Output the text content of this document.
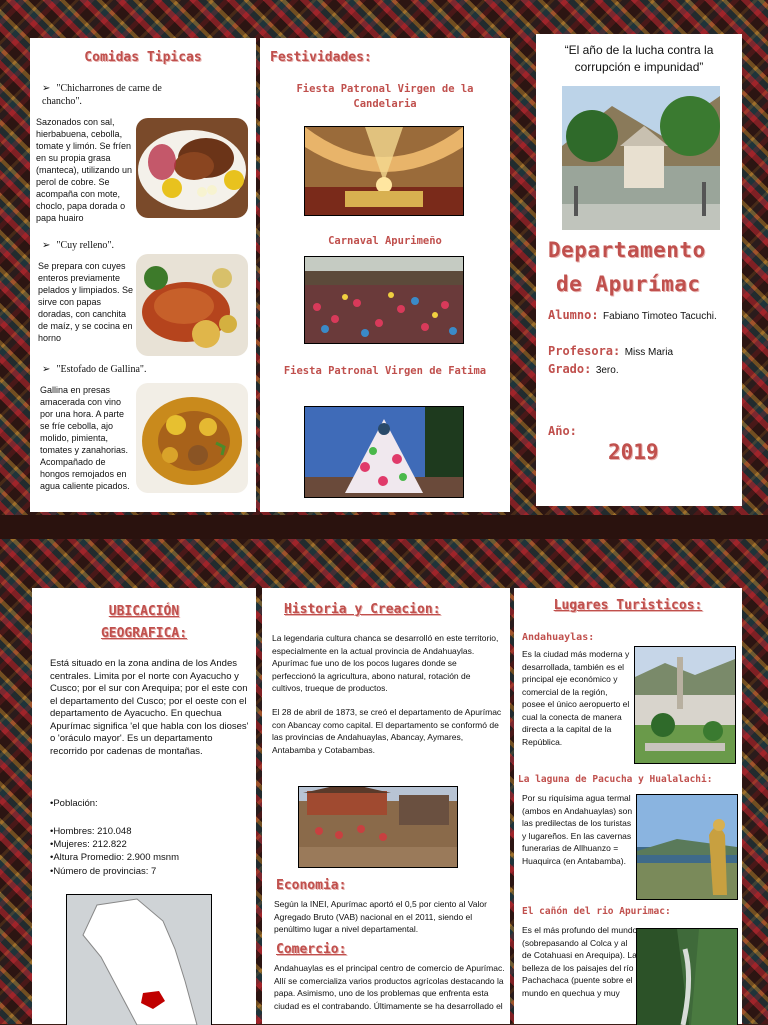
Comidas Tipicas
➢ "Chicharrones de carne de chancho".
Sazonados con sal, hierbabuena, cebolla, tomate y limón. Se fríen en su propia grasa (manteca), utilizando un perol de cobre. Se acompaña con mote, choclo, papa dorada o papa huairo
➢ "Cuy relleno".
Se prepara con cuyes enteros previamente pelados y limpiados. Se sirve con papas doradas, con canchita de maíz, y se cocina en horno
➢ "Estofado de Gallina".
Gallina en presas amacerada con vino por una hora. A parte se fríe cebolla, ajo molido, pimienta, tomates y zanahorias. Acompañado de hongos remojados en agua caliente picados.
Festividades:
Fiesta Patronal Virgen de la Candelaria
Carnaval Apurimeño
Fiesta Patronal Virgen de Fatima
“El año de la lucha contra la corrupción e impunidad”
Departamento
de Apurímac
Alumno: Fabiano Timoteo Tacuchi.
Profesora: Miss Maria
Grado: 3ero.
Año:
2019
UBICACIÓN
GEOGRAFICA:
Está situado en la zona andina de los Andes centrales. Limita por el norte con Ayacucho y Cusco; por el sur con Arequipa; por el este con el departamento del Cusco; por el oeste con el departamento de Ayacucho. En quechua Apurímac significa 'el que habla con los dioses' o 'oráculo mayor'. Es un departamento recorrido por cadenas de montañas.
•Población:
•Hombres: 210.048
•Mujeres: 212.822
•Altura Promedio: 2.900 msnm
•Número de provincias: 7
Historia y Creacion:
La legendaria cultura chanca se desarrolló en este territorio, especialmente en la actual provincia de Andahuaylas. Apurímac fue uno de los pocos lugares donde se perfeccionó la agricultura, abono natural, rotación de cultivos, trueque de productos.
El 28 de abril de 1873, se creó el departamento de Apurímac con Abancay como capital. El departamento se conformó de las provincias de Andahuaylas, Abancay, Aymares, Antabamba y Cotabambas.
Economia:
Según la INEI, Apurímac aportó el 0,5 por ciento al Valor Agregado Bruto (VAB) nacional en el 2011, siendo el penúltimo lugar a nivel departamental.
Comercio:
Andahuaylas es el principal centro de comercio de Apurímac. Allí se comercializa varios productos agrícolas destacando la papa. Asimismo, uno de los problemas que enfrenta esta ciudad es el contrabando. Últimamente se ha desarrollado el
Lugares Turisticos:
Andahuaylas:
Es la ciudad más moderna y desarrollada, también es el principal eje económico y comercial de la región, posee el único aeropuerto el cual la conecta de manera directa a la capital de la República.
La laguna de Pacucha y Hualalachi:
Por su riquísima agua termal (ambos en Andahuaylas) son las predilectas de los turistas y lugareños. En las cavernas funerarias de Allhuanzo = Huaquirca (en Antabamba).
El cañón del rio Apurimac:
Es el más profundo del mundo (sobrepasando al Colca y al de Cotahuasi en Arequipa). La belleza de los paisajes del río Pachachaca (puente sobre el mundo en quechua y muy
